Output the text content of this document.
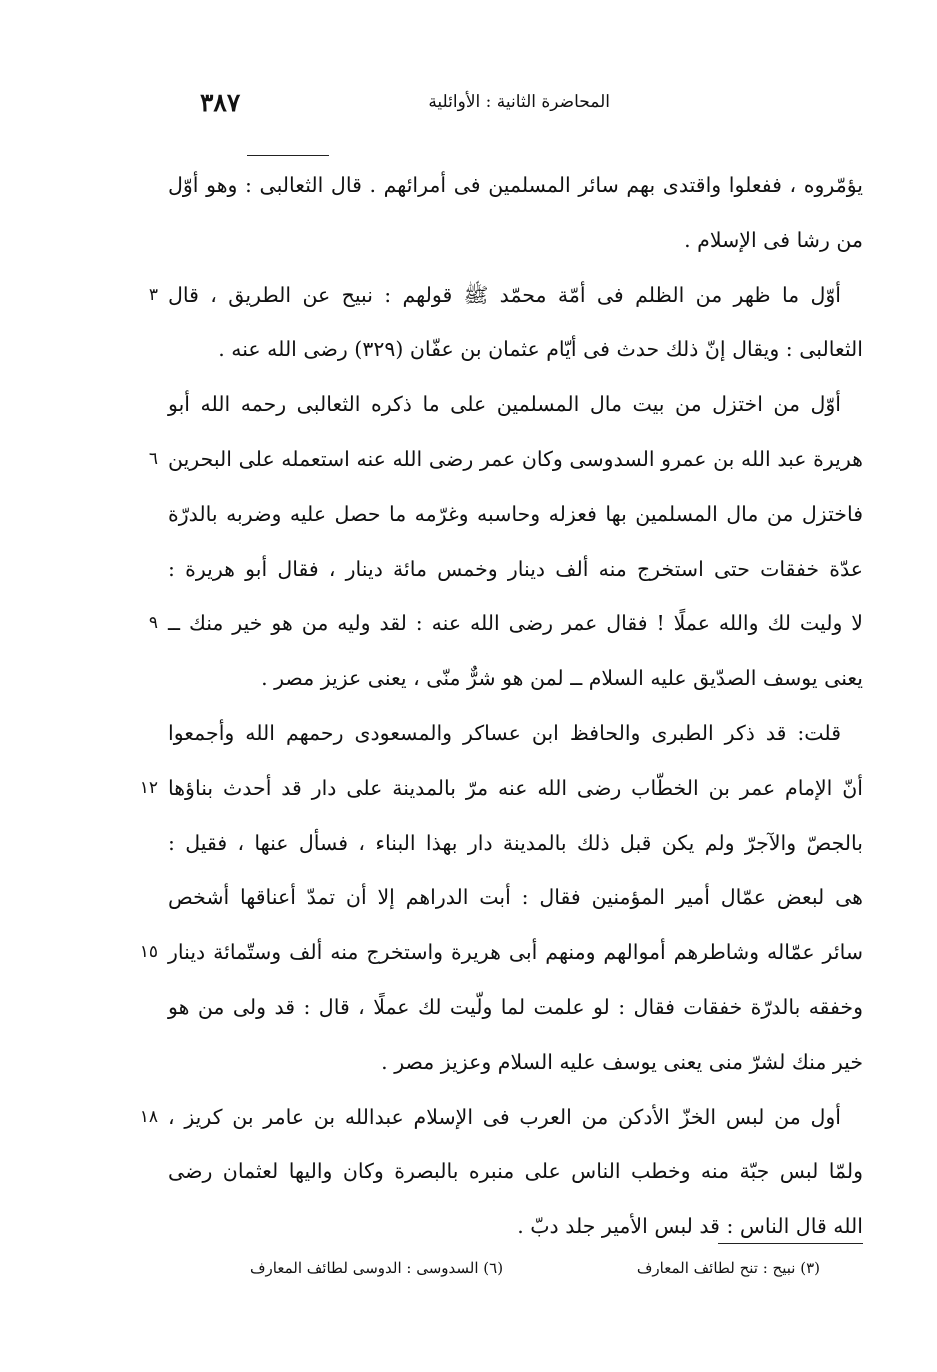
٣٨٧	المحاضرة الثانية : الأوائلية
يؤمّروه ، ففعلوا واقتدى بهم سائر المسلمين فى أمرائهم . قال الثعالبى : وهو أوّل
من رشا فى الإسلام .
أوّل ما ظهر من الظلم فى أمّة محمّد ﷺ قولهم : نبيح عن الطريق ، قال
٣
الثعالبى : ويقال إنّ ذلك حدث فى أيّام عثمان بن عفّان (٣٢٩) رضى الله عنه .
أوّل من اختزل من بيت مال المسلمين على ما ذكره الثعالبى رحمه الله أبو
هريرة عبد الله بن عمرو السدوسى وكان عمر رضى الله عنه استعمله على البحرين
٦
فاختزل من مال المسلمين بها فعزله وحاسبه وغرّمه ما حصل عليه وضربه بالدرّة
عدّة خفقات حتى استخرج منه ألف دينار وخمس مائة دينار ، فقال أبو هريرة :
لا وليت لك والله عملًا ! فقال عمر رضى الله عنه : لقد وليه من هو خير منك ــ
٩
يعنى يوسف الصدّيق عليه السلام ــ لمن هو شرٌّ منّى ، يعنى عزيز مصر .
قلت: قد ذكر الطبرى والحافظ ابن عساكر والمسعودى رحمهم الله وأجمعوا
أنّ الإمام عمر بن الخطّاب رضى الله عنه مرّ بالمدينة على دار قد أحدث بناؤها
١٢
بالجصّ والآجرّ ولم يكن قبل ذلك بالمدينة دار بهذا البناء ، فسأل عنها ، فقيل :
هى لبعض عمّال أمير المؤمنين فقال : أبت الدراهم إلا أن تمدّ أعناقها أشخص
سائر عمّاله وشاطرهم أموالهم ومنهم أبى هريرة واستخرج منه ألف وستّمائة دينار
١٥
وخفقه بالدرّة خفقات فقال : لو علمت لما ولّيت لك عملًا ، قال : قد ولى من هو
خير منك لشرّ منى يعنى يوسف عليه السلام وعزيز مصر .
أول من لبس الخزّ الأدكن من العرب فى الإسلام عبدالله بن عامر بن كريز ،
١٨
ولمّا لبس جبّة منه وخطب الناس على منبره بالبصرة وكان واليها لعثمان رضى
الله قال الناس : قد لبس الأمير جلد دبّ .
(٣) نبيح : تنح لطائف المعارف
(٦) السدوسى : الدوسى لطائف المعارف
